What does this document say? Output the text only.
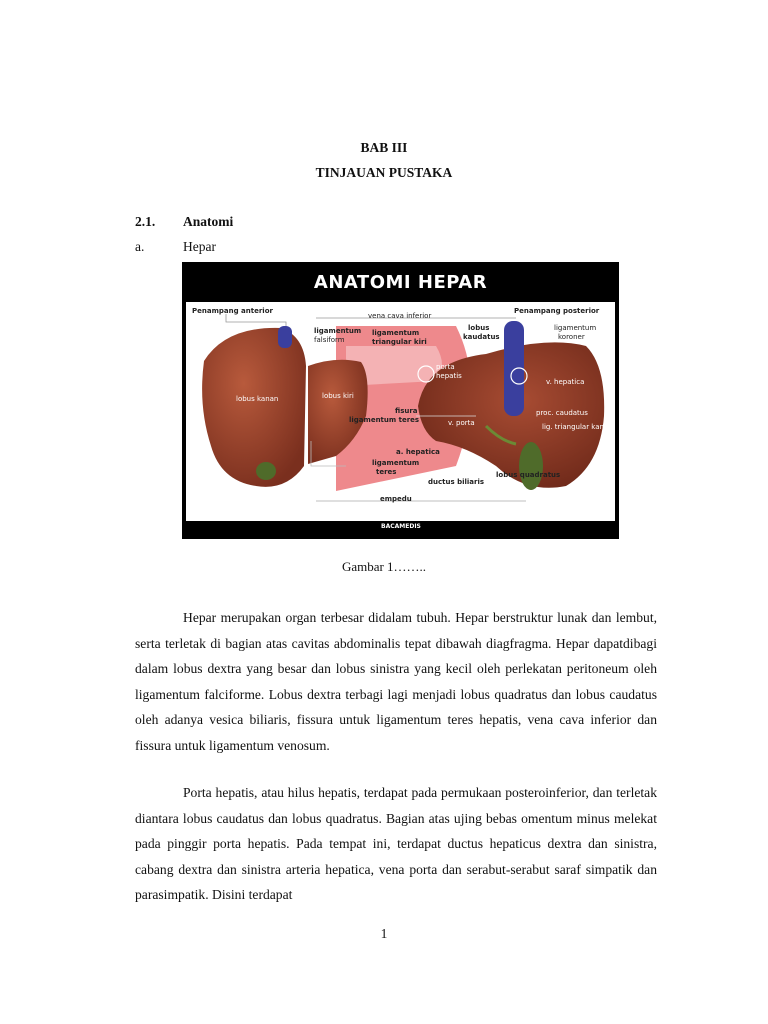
BAB III
TINJAUAN PUSTAKA
2.1. Anatomi
a.	Hepar
ANATOMI HEPAR
Penampang anterior	Penampang posterior
vena cava inferior
ligamentum
falsiform
ligamentum
triangular kiri
lobus
kaudatus
ligamentum
koroner
porta
hepatis
v. hepatica
lobus kanan	lobus kiri
fisura
ligamentum teres	v. porta
proc. caudatus
lig. triangular kanan
a. hepatica
ligamentum
teres	lobus quadratus
ductus biliaris
empedu
BACAMEDIS
Gambar 1……..

Hepar merupakan organ terbesar didalam tubuh. Hepar berstruktur lunak dan lembut, serta terletak di bagian atas cavitas abdominalis tepat dibawah diagfragma. Hepar dapatdibagi dalam lobus dextra yang besar dan lobus sinistra yang kecil oleh perlekatan peritoneum oleh ligamentum falciforme. Lobus dextra terbagi lagi menjadi lobus quadratus dan lobus caudatus oleh adanya vesica biliaris, fissura untuk ligamentum teres hepatis, vena cava inferior dan fissura untuk ligamentum venosum.

Porta hepatis, atau hilus hepatis, terdapat pada permukaan posteroinferior, dan terletak diantara lobus caudatus dan lobus quadratus. Bagian atas ujing bebas omentum minus melekat pada pinggir porta hepatis. Pada tempat ini, terdapat ductus hepaticus dextra dan sinistra, cabang dextra dan sinistra arteria hepatica, vena porta dan serabut-serabut saraf simpatik dan parasimpatik. Disini terdapat

1
